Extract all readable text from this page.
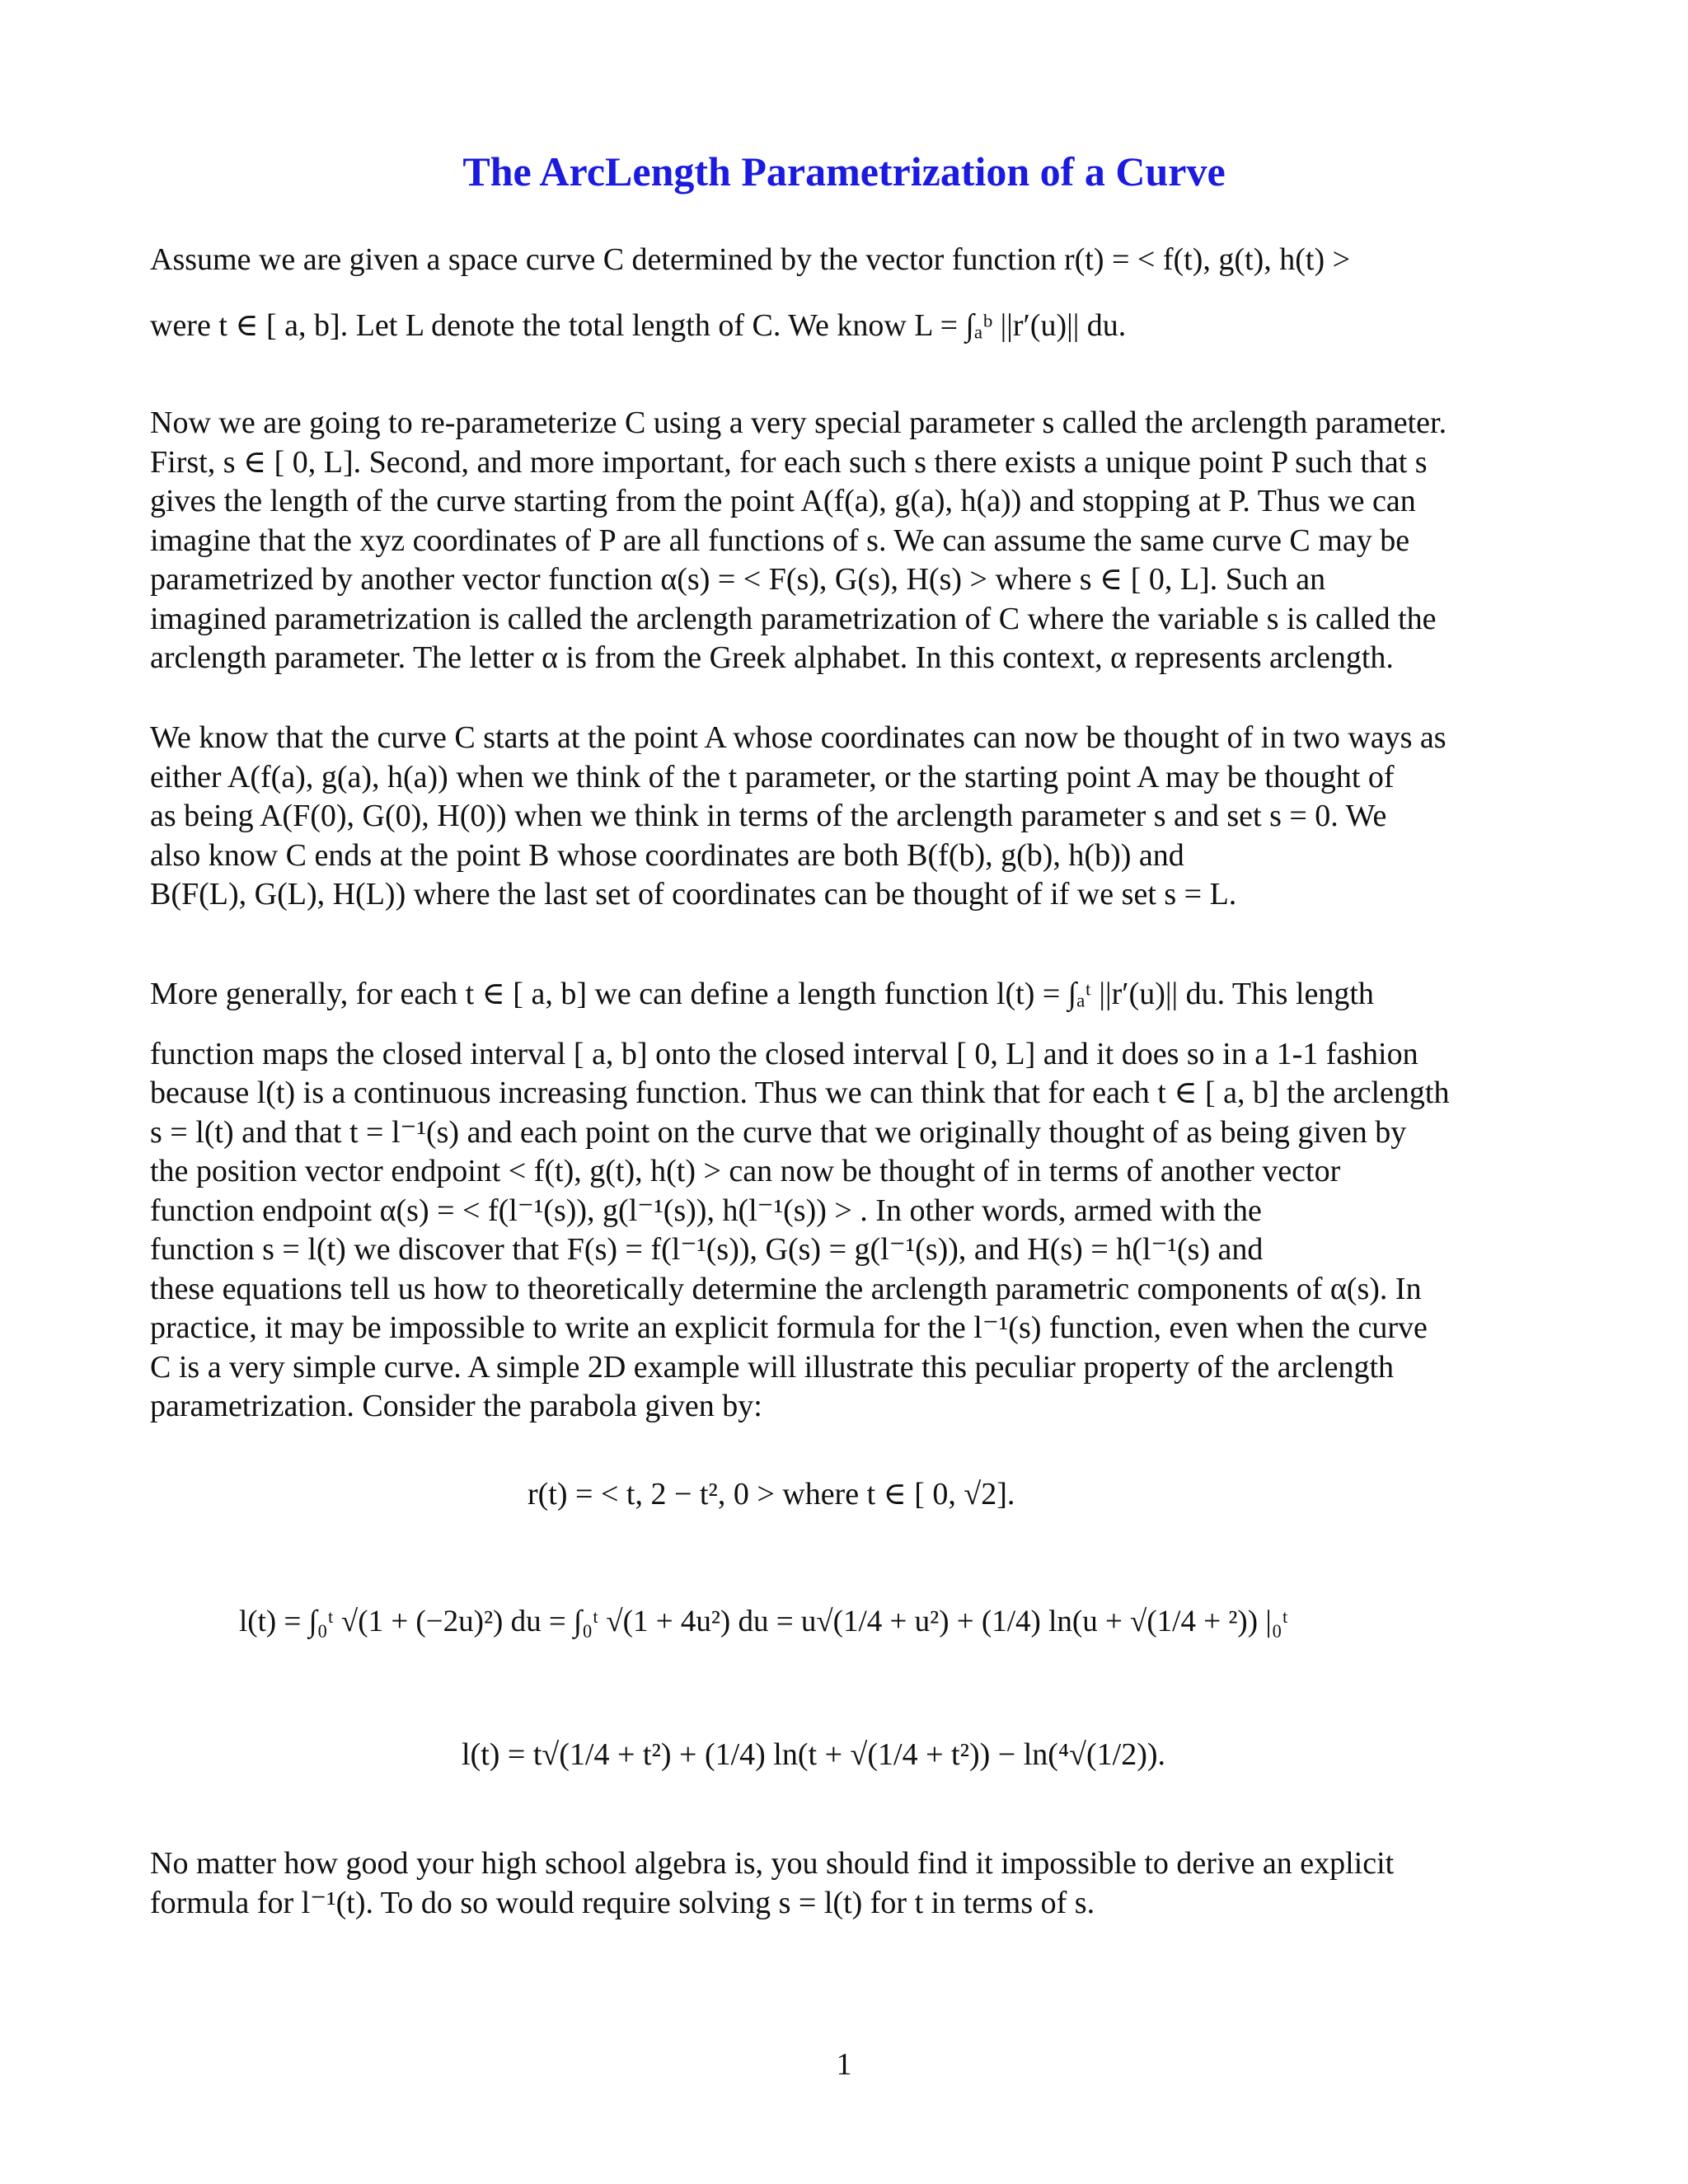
The ArcLength Parametrization of a Curve
Assume we are given a space curve C determined by the vector function r(t) = < f(t), g(t), h(t) >
were t ∈ [ a, b]. Let L denote the total length of C. We know L = ∫ₐᵇ ||r′(u)|| du.
Now we are going to re-parameterize C using a very special parameter s called the arclength parameter.
First, s ∈ [ 0, L]. Second, and more important, for each such s there exists a unique point P such that s
gives the length of the curve starting from the point A(f(a), g(a), h(a)) and stopping at P. Thus we can
imagine that the xyz coordinates of P are all functions of s. We can assume the same curve C may be
parametrized by another vector function α(s) = < F(s), G(s), H(s) > where s ∈ [ 0, L]. Such an
imagined parametrization is called the arclength parametrization of C where the variable s is called the
arclength parameter. The letter α is from the Greek alphabet. In this context, α represents arclength.
We know that the curve C starts at the point A whose coordinates can now be thought of in two ways as
either A(f(a), g(a), h(a)) when we think of the t parameter, or the starting point A may be thought of
as being A(F(0), G(0), H(0)) when we think in terms of the arclength parameter s and set s = 0. We
also know C ends at the point B whose coordinates are both B(f(b), g(b), h(b)) and
B(F(L), G(L), H(L)) where the last set of coordinates can be thought of if we set s = L.
More generally, for each t ∈ [ a, b] we can define a length function l(t) = ∫ₐᵗ ||r′(u)|| du. This length
function maps the closed interval [ a, b] onto the closed interval [ 0, L] and it does so in a 1-1 fashion
because l(t) is a continuous increasing function. Thus we can think that for each t ∈ [ a, b] the arclength
s = l(t) and that t = l⁻¹(s) and each point on the curve that we originally thought of as being given by
the position vector endpoint < f(t), g(t), h(t) > can now be thought of in terms of another vector
function endpoint α(s) = < f(l⁻¹(s)), g(l⁻¹(s)), h(l⁻¹(s)) > . In other words, armed with the
function s = l(t) we discover that F(s) = f(l⁻¹(s)), G(s) = g(l⁻¹(s)), and H(s) = h(l⁻¹(s) and
these equations tell us how to theoretically determine the arclength parametric components of α(s). In
practice, it may be impossible to write an explicit formula for the l⁻¹(s) function, even when the curve
C is a very simple curve. A simple 2D example will illustrate this peculiar property of the arclength
parametrization. Consider the parabola given by:
r(t) = < t, 2 − t², 0 > where t ∈ [ 0, √2].
l(t) = ∫₀ᵗ √(1 + (−2u)²) du = ∫₀ᵗ √(1 + 4u²) du = u√(1/4 + u²) + (1/4) ln(u + √(1/4 + ²)) |₀ᵗ
l(t) = t√(1/4 + t²) + (1/4) ln(t + √(1/4 + t²)) − ln(⁴√(1/2)).
No matter how good your high school algebra is, you should find it impossible to derive an explicit
formula for l⁻¹(t). To do so would require solving s = l(t) for t in terms of s.
1
